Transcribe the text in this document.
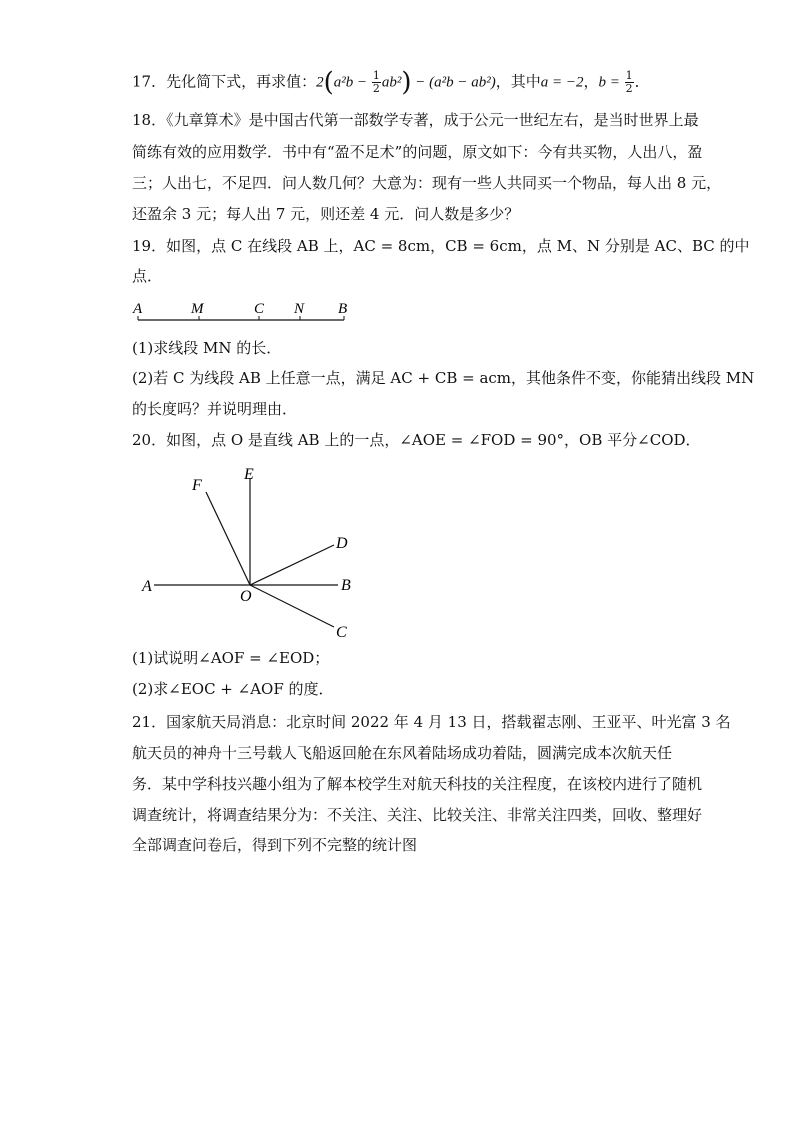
17．先化简下式，再求值：$2(a^2b - \frac{1}{2} ab^2) - (a^2b - ab^2)$，其中a = −2，$b = \frac{1}{2}$ ．
18．《九章算术》是中国古代第一部数学专著，成于公元一世纪左右，是当时世界上最
简练有效的应用数学．书中有“盈不足术”的问题，原文如下：今有共买物，人出八，盈
三；人出七，不足四．问人数几何？大意为：现有一些人共同买一个物品，每人出 8 元，
还盈余 3 元；每人出 7 元，则还差 4 元．问人数是多少？
19．如图，点 C 在线段 AB 上，AC = 8cm，CB = 6cm，点 M、N 分别是 AC、BC 的中
点．
A	M	C N B
(1)求线段 MN 的长．
(2)若 C 为线段 AB 上任意一点，满足 AC + CB = acm，其他条件不变，你能猜出线段 MN
的长度吗？并说明理由．
20．如图，点 O 是直线 AB 上的一点，∠AOE = ∠FOD = 90°，OB 平分∠COD．
F
E
D
A
O
B
C
(1)试说明∠AOF = ∠EOD；
(2)求∠EOC + ∠AOF 的度．
21．国家航天局消息：北京时间 2022 年 4 月 13 日，搭载翟志刚、王亚平、叶光富 3 名
航天员的神舟十三号载人飞船返回舱在东风着陆场成功着陆，圆满完成本次航天任
务．某中学科技兴趣小组为了解本校学生对航天科技的关注程度，在该校内进行了随机
调查统计，将调查结果分为：不关注、关注、比较关注、非常关注四类，回收、整理好
全部调查问卷后，得到下列不完整的统计图
